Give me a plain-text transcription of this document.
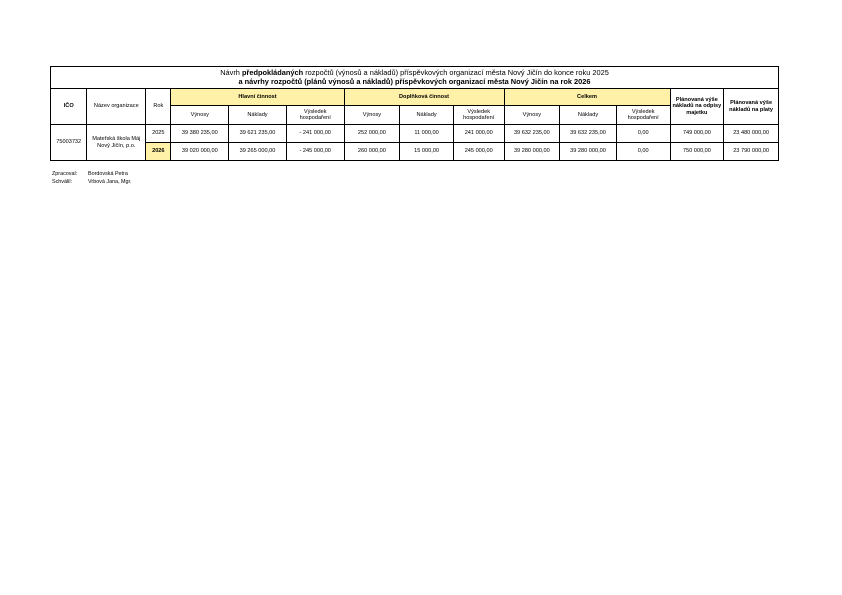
Návrh předpokládaných rozpočtů (výnosů a nákladů) příspěvkových organizací města Nový Jičín do konce roku 2025
a návrhy rozpočtů (plánů výnosů a nákladů) příspěvkových organizací města Nový Jičín na rok 2026													

IČO	Název organizace	Rok	Hlavní činnost			Doplňková činnost			Celkem			Plánovaná výše nákladů na odpisy majetku	Plánovaná výše nákladů na platy
			Výnosy	Náklady	Výsledek hospodaření	Výnosy	Náklady	Výsledek hospodaření	Výnosy	Náklady	Výsledek hospodaření		
75003732	Mateřská škola Máj Nový Jičín, p.o.	2025	39 380 235,00	39 621 235,00	- 241 000,00	252 000,00	11 000,00	241 000,00	39 632 235,00	39 632 235,00	0,00	749 000,00	23 480 000,00
		2026	39 020 000,00	39 265 000,00	- 245 000,00	260 000,00	15 000,00	245 000,00	39 280 000,00	39 280 000,00	0,00	750 000,00	23 790 000,00
Zpracoval: Bordovská Petra
Schválil:	Vrbová Jana, Mgr.
